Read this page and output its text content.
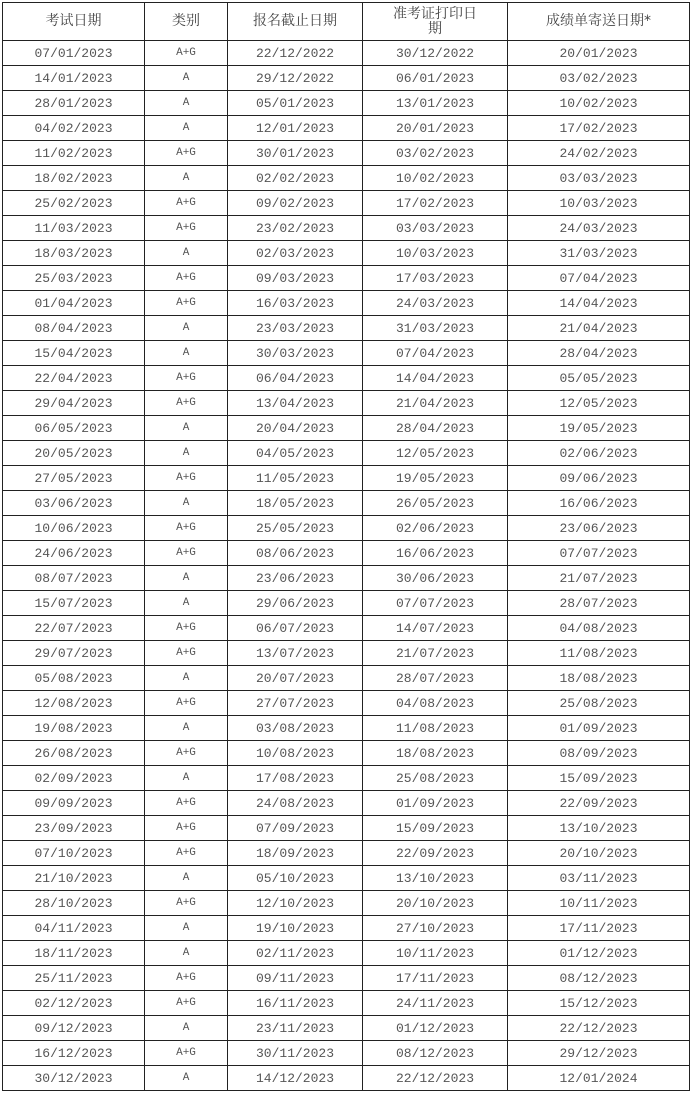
考试日期	类别	报名截止日期	准考证打印日期	成绩单寄送日期*
07/01/2023	A+G	22/12/2022	30/12/2022	20/01/2023
14/01/2023	A	29/12/2022	06/01/2023	03/02/2023
28/01/2023	A	05/01/2023	13/01/2023	10/02/2023
04/02/2023	A	12/01/2023	20/01/2023	17/02/2023
11/02/2023	A+G	30/01/2023	03/02/2023	24/02/2023
18/02/2023	A	02/02/2023	10/02/2023	03/03/2023
25/02/2023	A+G	09/02/2023	17/02/2023	10/03/2023
11/03/2023	A+G	23/02/2023	03/03/2023	24/03/2023
18/03/2023	A	02/03/2023	10/03/2023	31/03/2023
25/03/2023	A+G	09/03/2023	17/03/2023	07/04/2023
01/04/2023	A+G	16/03/2023	24/03/2023	14/04/2023
08/04/2023	A	23/03/2023	31/03/2023	21/04/2023
15/04/2023	A	30/03/2023	07/04/2023	28/04/2023
22/04/2023	A+G	06/04/2023	14/04/2023	05/05/2023
29/04/2023	A+G	13/04/2023	21/04/2023	12/05/2023
06/05/2023	A	20/04/2023	28/04/2023	19/05/2023
20/05/2023	A	04/05/2023	12/05/2023	02/06/2023
27/05/2023	A+G	11/05/2023	19/05/2023	09/06/2023
03/06/2023	A	18/05/2023	26/05/2023	16/06/2023
10/06/2023	A+G	25/05/2023	02/06/2023	23/06/2023
24/06/2023	A+G	08/06/2023	16/06/2023	07/07/2023
08/07/2023	A	23/06/2023	30/06/2023	21/07/2023
15/07/2023	A	29/06/2023	07/07/2023	28/07/2023
22/07/2023	A+G	06/07/2023	14/07/2023	04/08/2023
29/07/2023	A+G	13/07/2023	21/07/2023	11/08/2023
05/08/2023	A	20/07/2023	28/07/2023	18/08/2023
12/08/2023	A+G	27/07/2023	04/08/2023	25/08/2023
19/08/2023	A	03/08/2023	11/08/2023	01/09/2023
26/08/2023	A+G	10/08/2023	18/08/2023	08/09/2023
02/09/2023	A	17/08/2023	25/08/2023	15/09/2023
09/09/2023	A+G	24/08/2023	01/09/2023	22/09/2023
23/09/2023	A+G	07/09/2023	15/09/2023	13/10/2023
07/10/2023	A+G	18/09/2023	22/09/2023	20/10/2023
21/10/2023	A	05/10/2023	13/10/2023	03/11/2023
28/10/2023	A+G	12/10/2023	20/10/2023	10/11/2023
04/11/2023	A	19/10/2023	27/10/2023	17/11/2023
18/11/2023	A	02/11/2023	10/11/2023	01/12/2023
25/11/2023	A+G	09/11/2023	17/11/2023	08/12/2023
02/12/2023	A+G	16/11/2023	24/11/2023	15/12/2023
09/12/2023	A	23/11/2023	01/12/2023	22/12/2023
16/12/2023	A+G	30/11/2023	08/12/2023	29/12/2023
30/12/2023	A	14/12/2023	22/12/2023	12/01/2024
